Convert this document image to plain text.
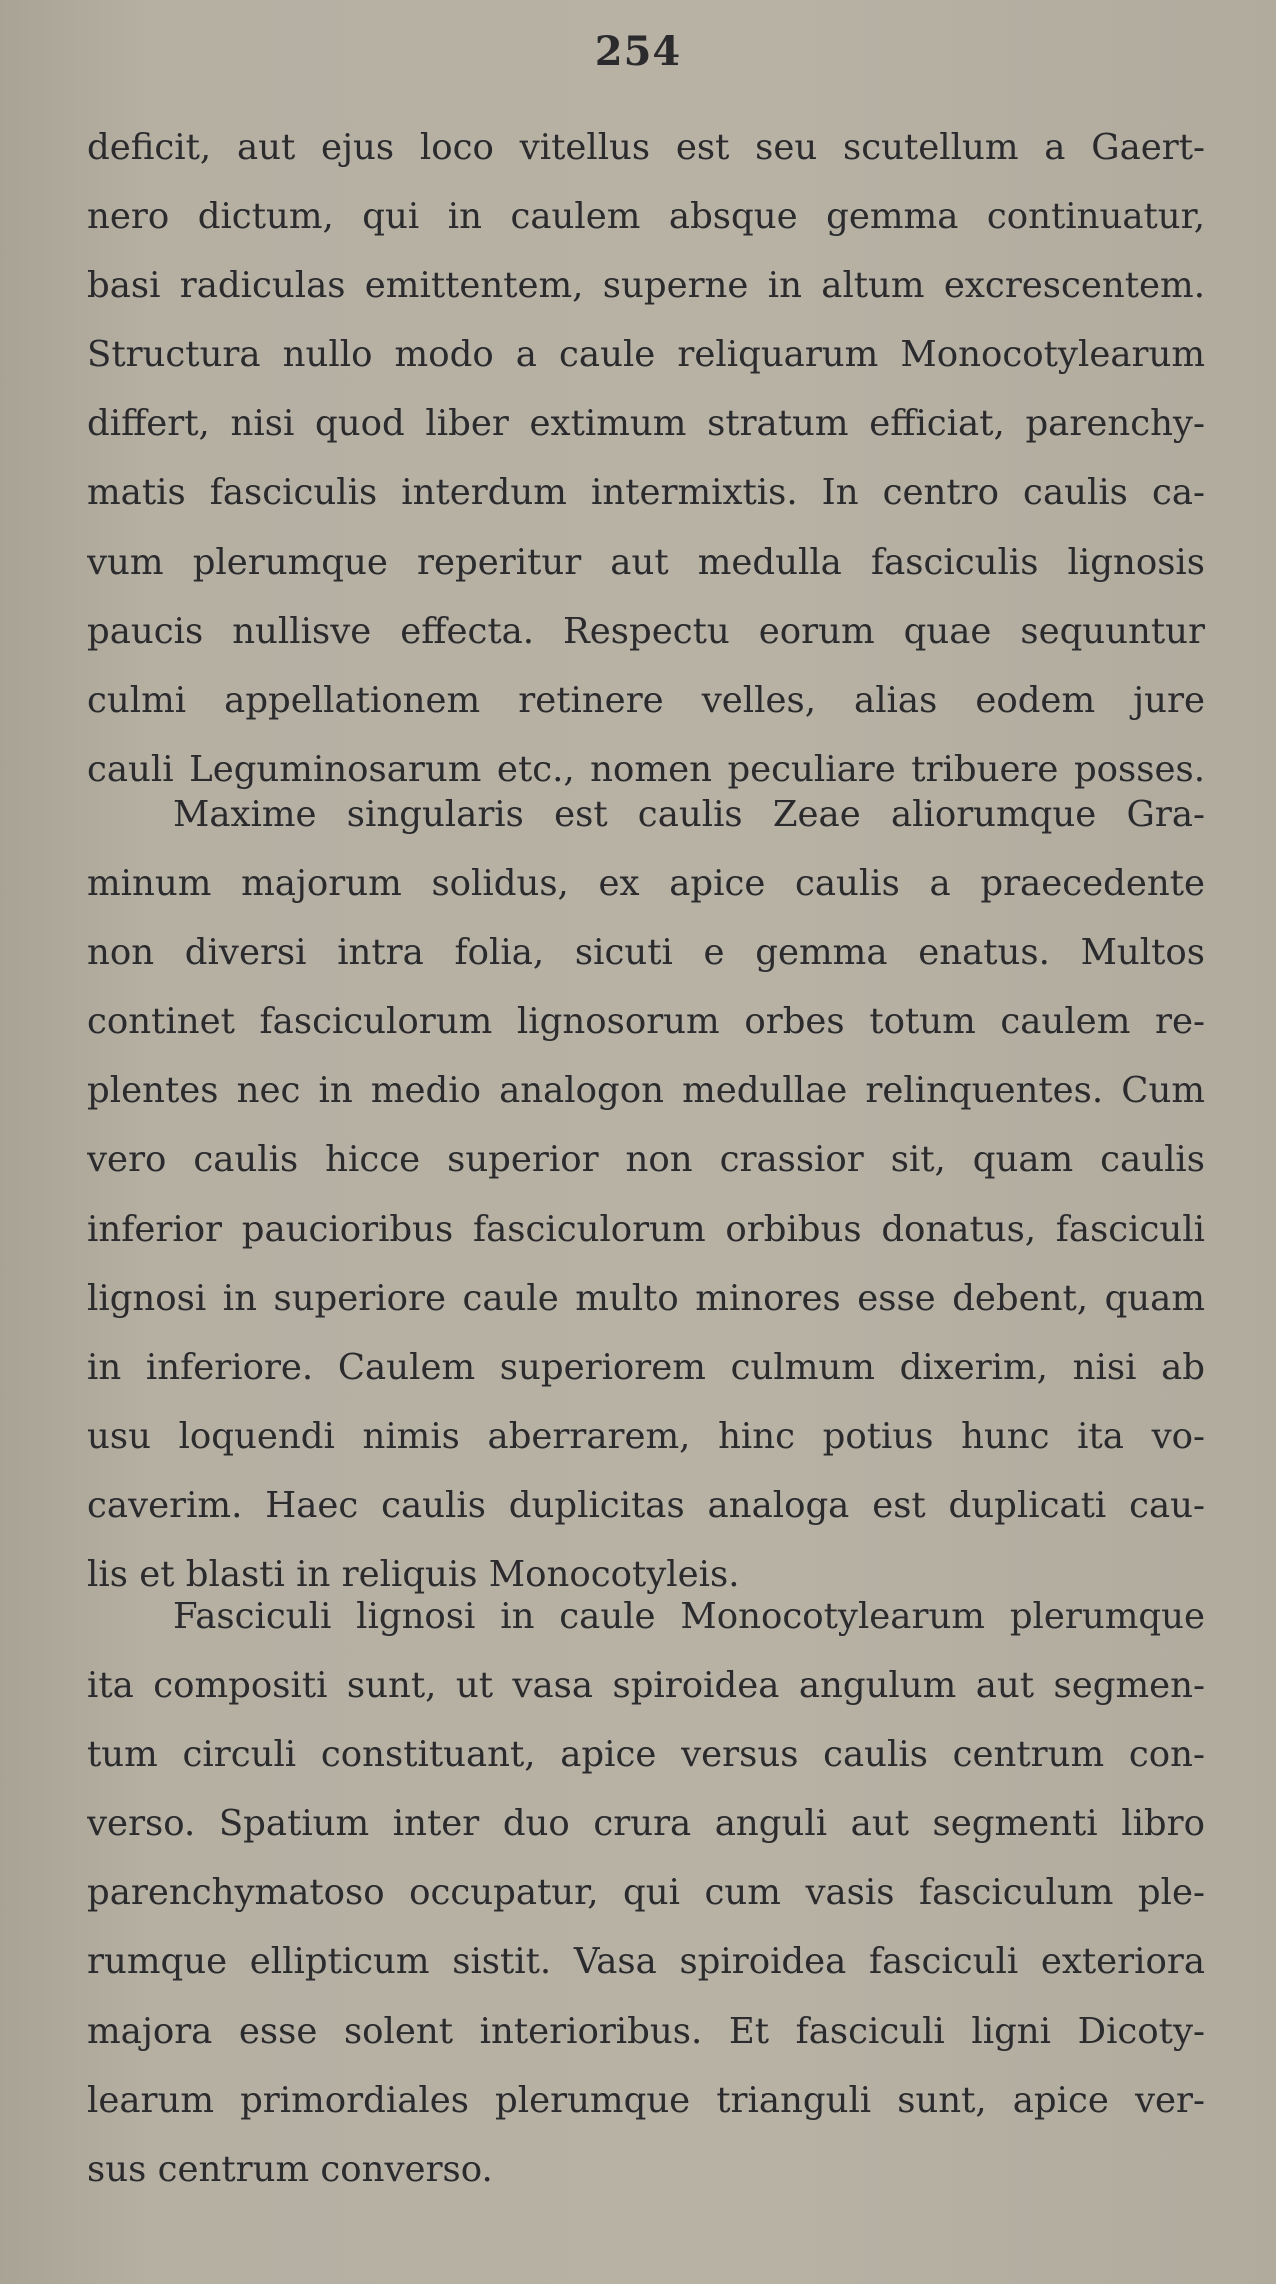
254
deficit, aut ejus loco vitellus est seu scutellum a Gaert-
nero dictum, qui in caulem absque gemma continuatur,
basi radiculas emittentem, superne in altum excrescentem.
Structura nullo modo a caule reliquarum Monocotylearum
differt, nisi quod liber extimum stratum efficiat, parenchy-
matis fasciculis interdum intermixtis. In centro caulis ca-
vum plerumque reperitur aut medulla fasciculis lignosis
paucis nullisve effecta. Respectu eorum quae sequuntur
culmi appellationem retinere velles, alias eodem jure
cauli Leguminosarum etc., nomen peculiare tribuere posses.
Maxime singularis est caulis Zeae aliorumque Gra-
minum majorum solidus, ex apice caulis a praecedente
non diversi intra folia, sicuti e gemma enatus. Multos
continet fasciculorum lignosorum orbes totum caulem re-
plentes nec in medio analogon medullae relinquentes. Cum
vero caulis hicce superior non crassior sit, quam caulis
inferior paucioribus fasciculorum orbibus donatus, fasciculi
lignosi in superiore caule multo minores esse debent, quam
in inferiore. Caulem superiorem culmum dixerim, nisi ab
usu loquendi nimis aberrarem, hinc potius hunc ita vo-
caverim. Haec caulis duplicitas analoga est duplicati cau-
lis et blasti in reliquis Monocotyleis.
Fasciculi lignosi in caule Monocotylearum plerumque
ita compositi sunt, ut vasa spiroidea angulum aut segmen-
tum circuli constituant, apice versus caulis centrum con-
verso. Spatium inter duo crura anguli aut segmenti libro
parenchymatoso occupatur, qui cum vasis fasciculum ple-
rumque ellipticum sistit. Vasa spiroidea fasciculi exteriora
majora esse solent interioribus. Et fasciculi ligni Dicoty-
learum primordiales plerumque trianguli sunt, apice ver-
sus centrum converso.
